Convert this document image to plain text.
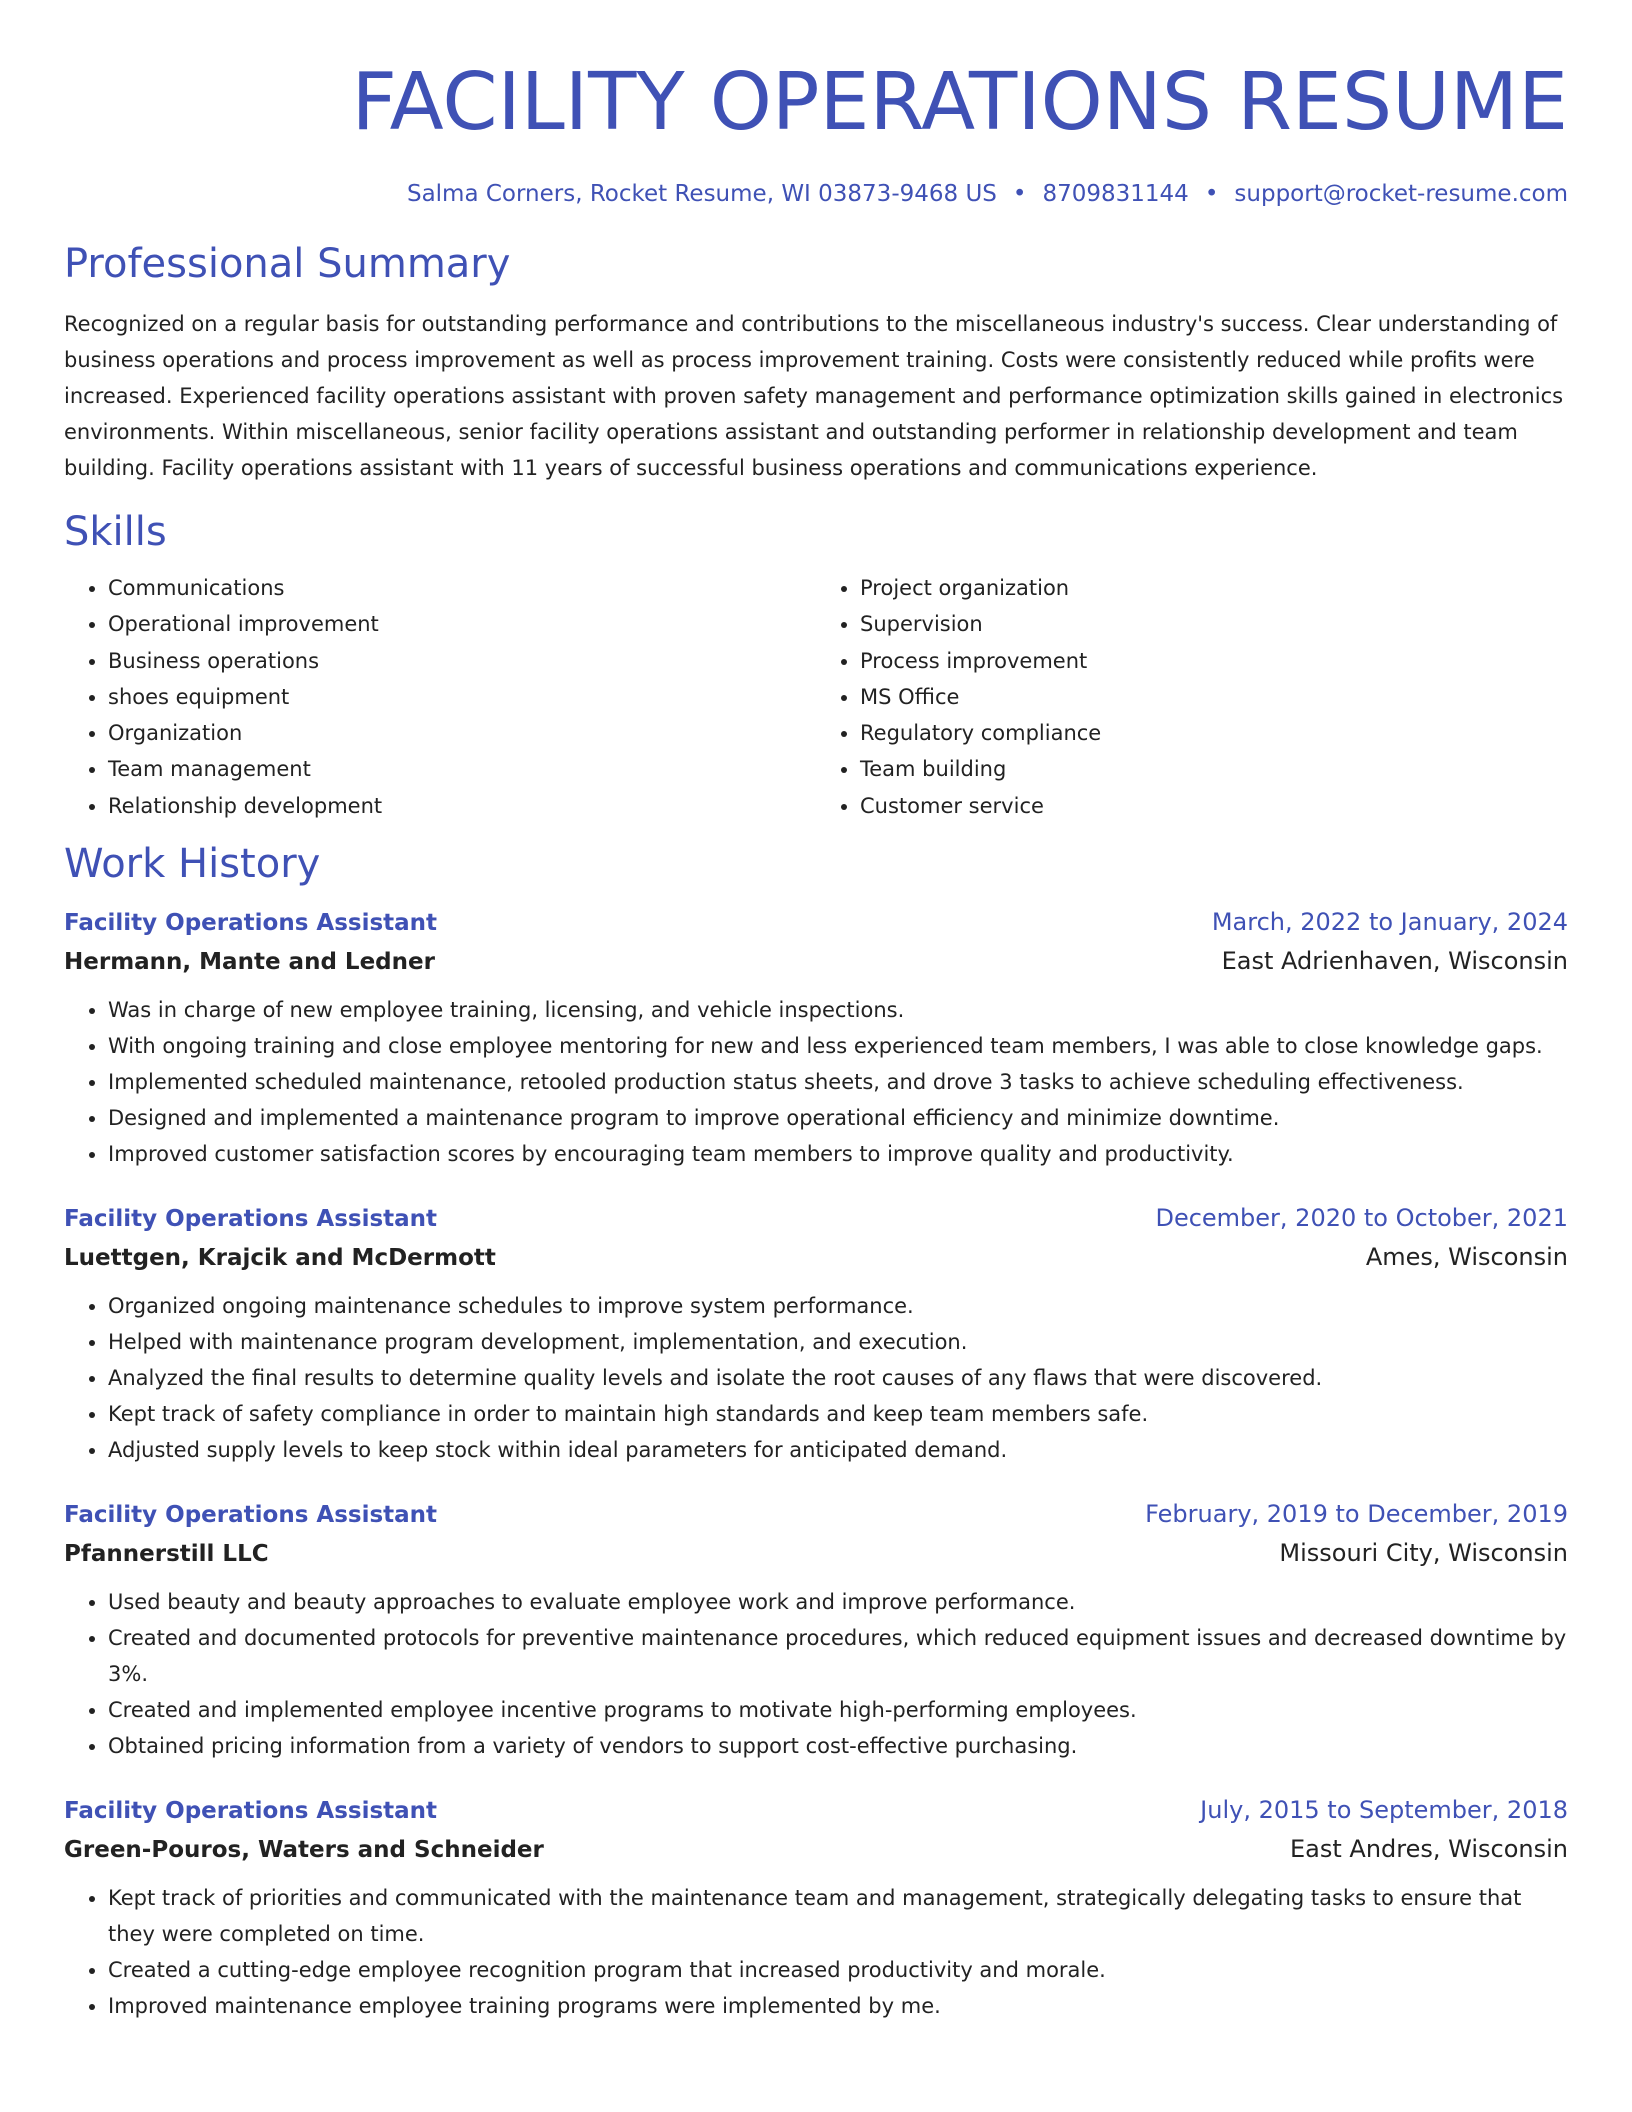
FACILITY OPERATIONS RESUME
Salma Corners, Rocket Resume, WI 03873-9468 US • 8709831144 • support@rocket-resume.com
Professional Summary

Recognized on a regular basis for outstanding performance and contributions to the miscellaneous industry's success. Clear understanding of business operations and process improvement as well as process improvement training. Costs were consistently reduced while profits were increased. Experienced facility operations assistant with proven safety management and performance optimization skills gained in electronics environments. Within miscellaneous, senior facility operations assistant and outstanding performer in relationship development and team building. Facility operations assistant with 11 years of successful business operations and communications experience.

Skills
• Communications
• Operational improvement
• Business operations
• shoes equipment
• Organization
• Team management
• Relationship development
• Project organization
• Supervision
• Process improvement
• MS Office
• Regulatory compliance
• Team building
• Customer service
Work History
Facility Operations Assistant	March, 2022 to January, 2024
Hermann, Mante and Ledner	East Adrienhaven, Wisconsin
• Was in charge of new employee training, licensing, and vehicle inspections.
• With ongoing training and close employee mentoring for new and less experienced team members, I was able to close knowledge gaps.
• Implemented scheduled maintenance, retooled production status sheets, and drove 3 tasks to achieve scheduling effectiveness.
• Designed and implemented a maintenance program to improve operational efficiency and minimize downtime.
• Improved customer satisfaction scores by encouraging team members to improve quality and productivity.
Facility Operations Assistant	December, 2020 to October, 2021
Luettgen, Krajcik and McDermott	Ames, Wisconsin
• Organized ongoing maintenance schedules to improve system performance.
• Helped with maintenance program development, implementation, and execution.
• Analyzed the final results to determine quality levels and isolate the root causes of any flaws that were discovered.
• Kept track of safety compliance in order to maintain high standards and keep team members safe.
• Adjusted supply levels to keep stock within ideal parameters for anticipated demand.
Facility Operations Assistant	February, 2019 to December, 2019
Pfannerstill LLC	Missouri City, Wisconsin
• Used beauty and beauty approaches to evaluate employee work and improve performance.
• Created and documented protocols for preventive maintenance procedures, which reduced equipment issues and decreased downtime by 3%.
• Created and implemented employee incentive programs to motivate high-performing employees.
• Obtained pricing information from a variety of vendors to support cost-effective purchasing.
Facility Operations Assistant	July, 2015 to September, 2018
Green-Pouros, Waters and Schneider	East Andres, Wisconsin
• Kept track of priorities and communicated with the maintenance team and management, strategically delegating tasks to ensure that they were completed on time.
• Created a cutting-edge employee recognition program that increased productivity and morale.
• Improved maintenance employee training programs were implemented by me.
